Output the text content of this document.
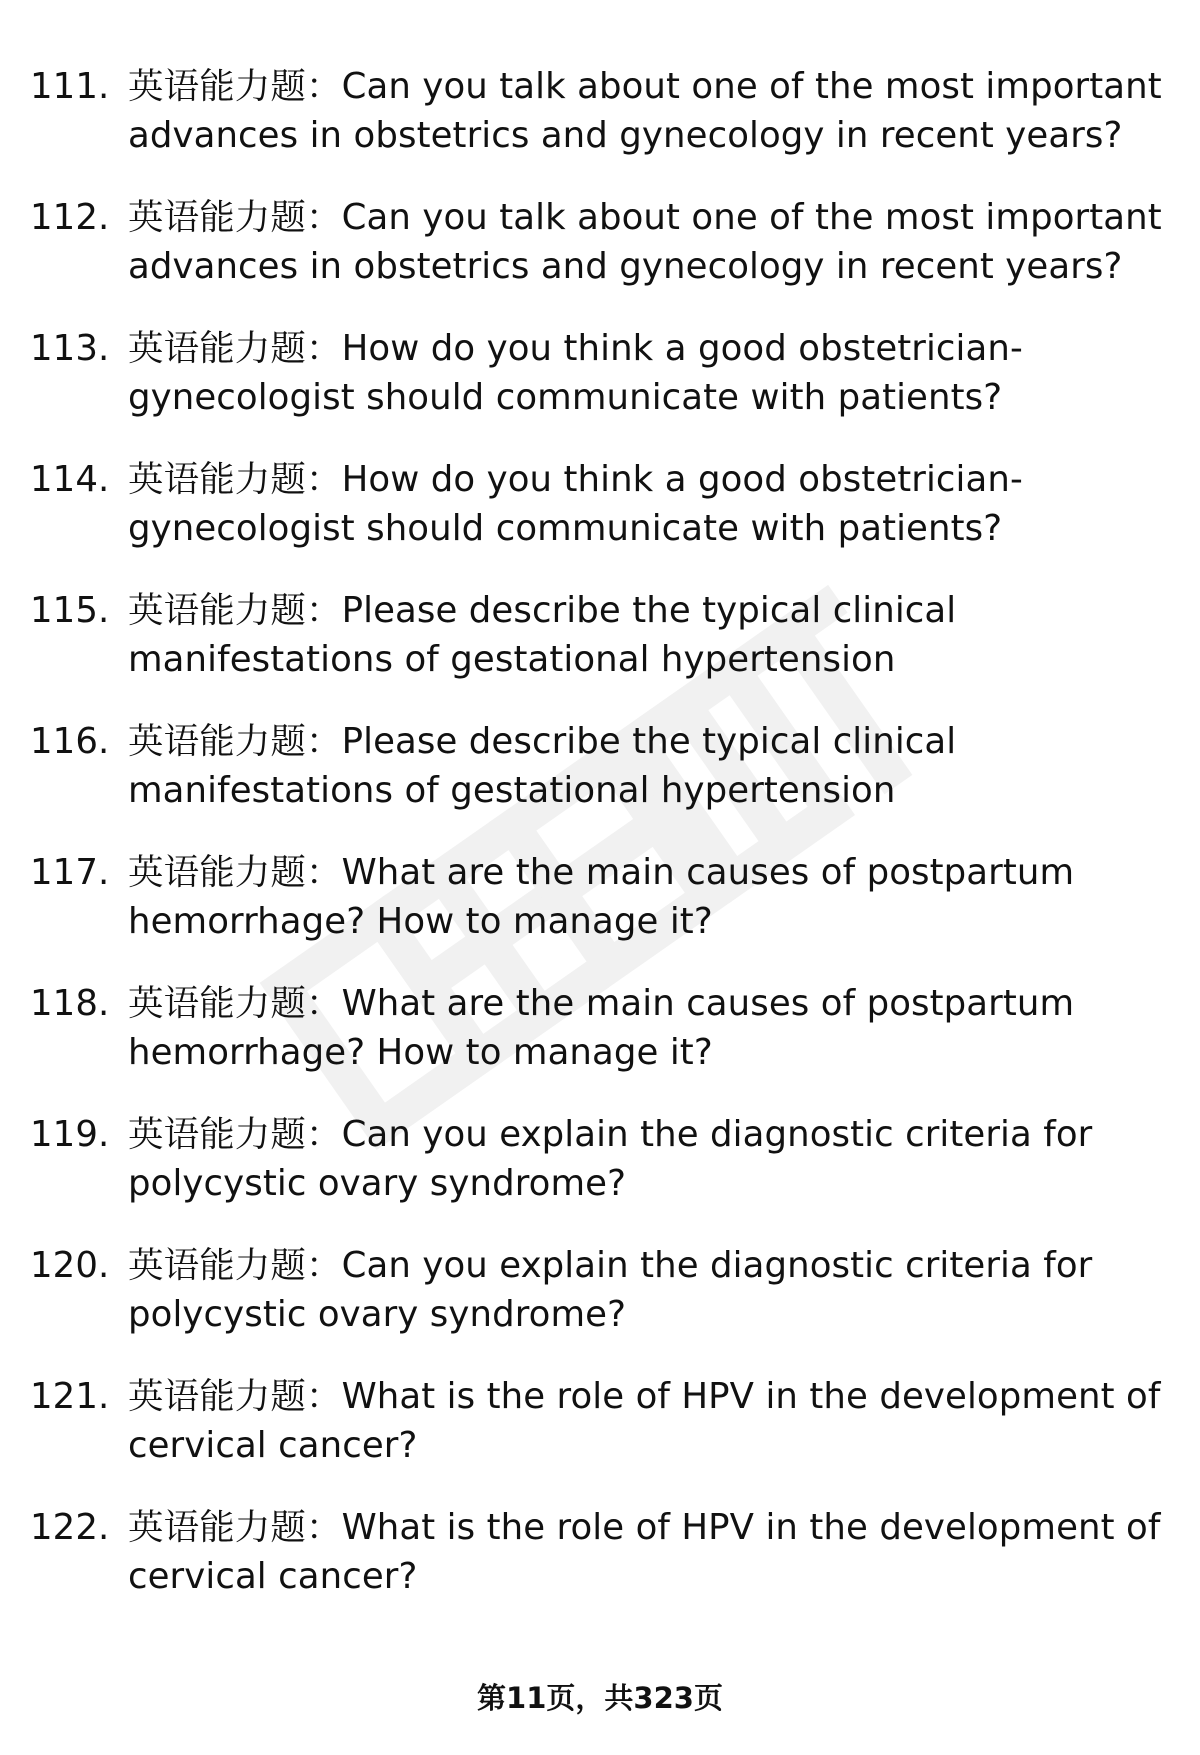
111. 英语能力题：Can you talk about one of the most important advances in obstetrics and gynecology in recent years?
112. 英语能力题：Can you talk about one of the most important advances in obstetrics and gynecology in recent years?
113. 英语能力题：How do you think a good obstetrician-gynecologist should communicate with patients?
114. 英语能力题：How do you think a good obstetrician-gynecologist should communicate with patients?
115. 英语能力题：Please describe the typical clinical manifestations of gestational hypertension
116. 英语能力题：Please describe the typical clinical manifestations of gestational hypertension
117. 英语能力题：What are the main causes of postpartum hemorrhage? How to manage it?
118. 英语能力题：What are the main causes of postpartum hemorrhage? How to manage it?
119. 英语能力题：Can you explain the diagnostic criteria for polycystic ovary syndrome?
120. 英语能力题：Can you explain the diagnostic criteria for polycystic ovary syndrome?
121. 英语能力题：What is the role of HPV in the development of cervical cancer?
122. 英语能力题：What is the role of HPV in the development of cervical cancer?
第11页，共323页
